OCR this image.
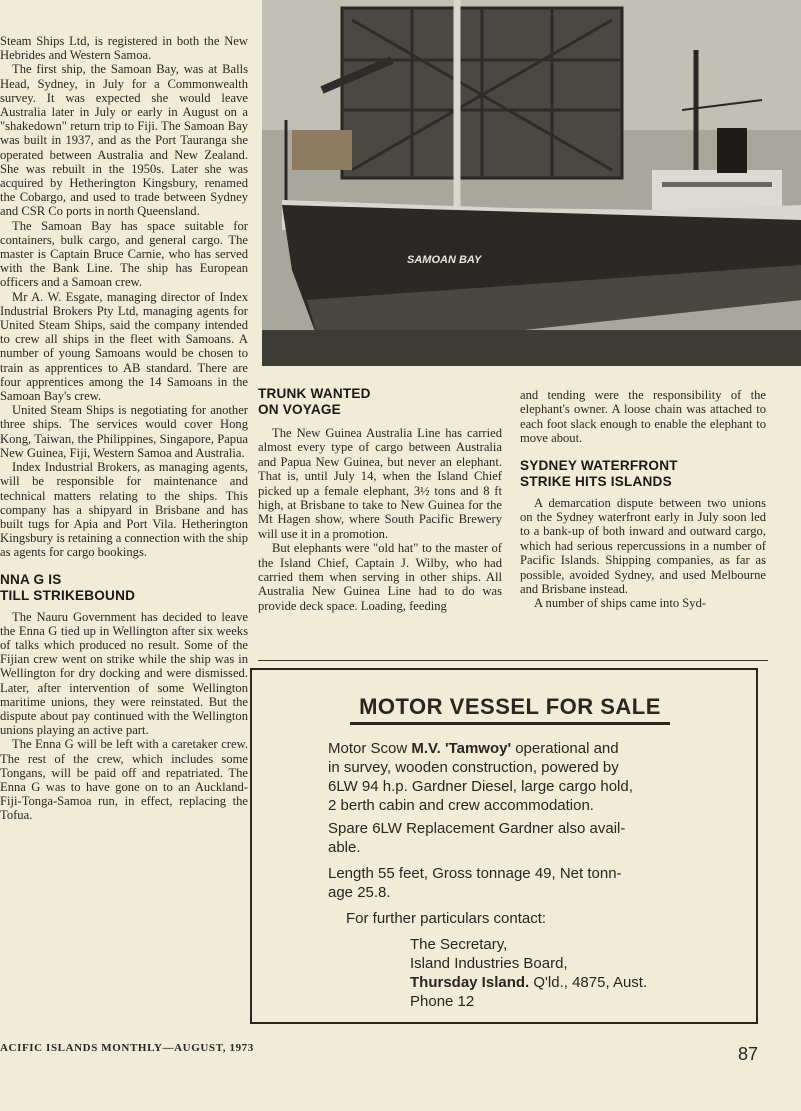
Steam Ships Ltd, is registered in both the New Hebrides and Western Samoa.

The first ship, the Samoan Bay, was at Balls Head, Sydney, in July for a Commonwealth survey. It was expected she would leave Australia later in July or early in August on a "shakedown" return trip to Fiji. The Samoan Bay was built in 1937, and as the Port Tauranga she operated between Australia and New Zealand. She was rebuilt in the 1950s. Later she was acquired by Hetherington Kingsbury, renamed the Cobargo, and used to trade between Sydney and CSR Co ports in north Queensland.

The Samoan Bay has space suitable for containers, bulk cargo, and general cargo. The master is Captain Bruce Carnie, who has served with the Bank Line. The ship has European officers and a Samoan crew.

Mr A. W. Esgate, managing director of Index Industrial Brokers Pty Ltd, managing agents for United Steam Ships, said the company intended to crew all ships in the fleet with Samoans. A number of young Samoans would be chosen to train as apprentices to AB standard. There are four apprentices among the 14 Samoans in the Samoan Bay's crew.

United Steam Ships is negotiating for another three ships. The services would cover Hong Kong, Taiwan, the Philippines, Singapore, Papua New Guinea, Fiji, Western Samoa and Australia.

Index Industrial Brokers, as managing agents, will be responsible for maintenance and technical matters relating to the ships. This company has a shipyard in Brisbane and has built tugs for Apia and Port Vila. Hetherington Kingsbury is retaining a connection with the ship as agents for cargo bookings.

NNA G IS

TILL STRIKEBOUND

The Nauru Government has decided to leave the Enna G tied up in Wellington after six weeks of talks which produced no result. Some of the Fijian crew went on strike while the ship was in Wellington for dry docking and were dismissed. Later, after intervention of some Wellington maritime unions, they were reinstated. But the dispute about pay continued with the Wellington unions playing an active part.

The Enna G will be left with a caretaker crew. The rest of the crew, which includes some Tongans, will be paid off and repatriated. The Enna G was to have gone on to an Auckland-Fiji-Tonga-Samoa run, in effect, replacing the Tofua.

SAMOAN BAY

TRUNK WANTED

ON VOYAGE

The New Guinea Australia Line has carried almost every type of cargo between Australia and Papua New Guinea, but never an elephant. That is, until July 14, when the Island Chief picked up a female elephant, 3½ tons and 8 ft high, at Brisbane to take to New Guinea for the Mt Hagen show, where South Pacific Brewery will use it in a promotion.

But elephants were "old hat" to the master of the Island Chief, Captain J. Wilby, who had carried them when serving in other ships. All Australia New Guinea Line had to do was provide deck space. Loading, feeding

and tending were the responsibility of the elephant's owner. A loose chain was attached to each foot slack enough to enable the elephant to move about.

SYDNEY WATERFRONT

STRIKE HITS ISLANDS

A demarcation dispute between two unions on the Sydney waterfront early in July soon led to a bank-up of both inward and outward cargo, which had serious repercussions in a number of Pacific Islands. Shipping companies, as far as possible, avoided Sydney, and used Melbourne and Brisbane instead.

A number of ships came into Syd-

MOTOR VESSEL FOR SALE

Motor Scow M.V. 'Tamwoy' operational and

in survey, wooden construction, powered by

6LW 94 h.p. Gardner Diesel, large cargo hold,

2 berth cabin and crew accommodation.

Spare 6LW Replacement Gardner also avail-

able.

Length 55 feet, Gross tonnage 49, Net tonn-

age 25.8.

For further particulars contact:

The Secretary,

Island Industries Board,

Thursday Island. Q'ld., 4875, Aust.

Phone 12

ACIFIC ISLANDS MONTHLY—AUGUST, 1973	87
